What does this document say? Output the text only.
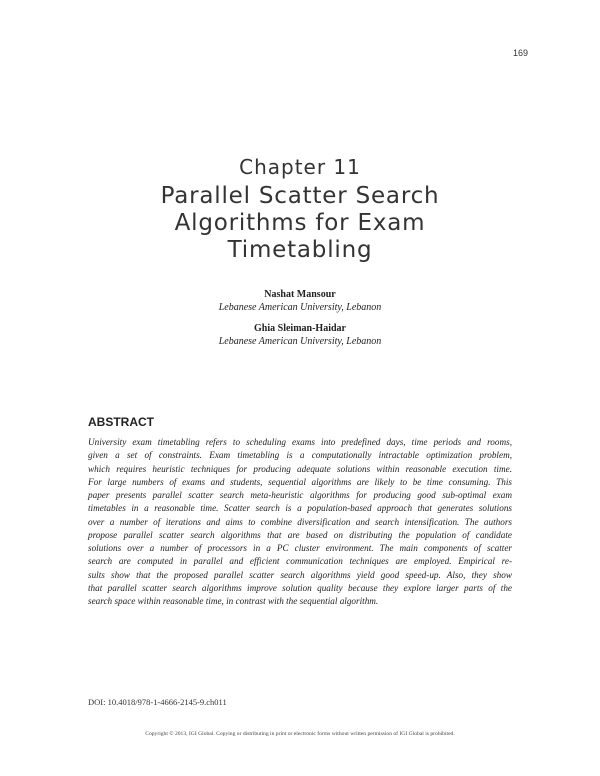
169
Chapter 11
Parallel Scatter Search
Algorithms for Exam
Timetabling
Nashat Mansour
Lebanese American University, Lebanon
Ghia Sleiman-Haidar
Lebanese American University, Lebanon
ABSTRACT
University exam timetabling refers to scheduling exams into predefined days, time periods and rooms,
given a set of constraints. Exam timetabling is a computationally intractable optimization problem,
which requires heuristic techniques for producing adequate solutions within reasonable execution time.
For large numbers of exams and students, sequential algorithms are likely to be time consuming. This
paper presents parallel scatter search meta-heuristic algorithms for producing good sub-optimal exam
timetables in a reasonable time. Scatter search is a population-based approach that generates solutions
over a number of iterations and aims to combine diversification and search intensification. The authors
propose parallel scatter search algorithms that are based on distributing the population of candidate
solutions over a number of processors in a PC cluster environment. The main components of scatter
search are computed in parallel and efficient communication techniques are employed. Empirical re-
sults show that the proposed parallel scatter search algorithms yield good speed-up. Also, they show
that parallel scatter search algorithms improve solution quality because they explore larger parts of the
search space within reasonable time, in contrast with the sequential algorithm.
DOI: 10.4018/978-1-4666-2145-9.ch011
Copyright © 2013, IGI Global. Copying or distributing in print or electronic forms without written permission of IGI Global is prohibited.
